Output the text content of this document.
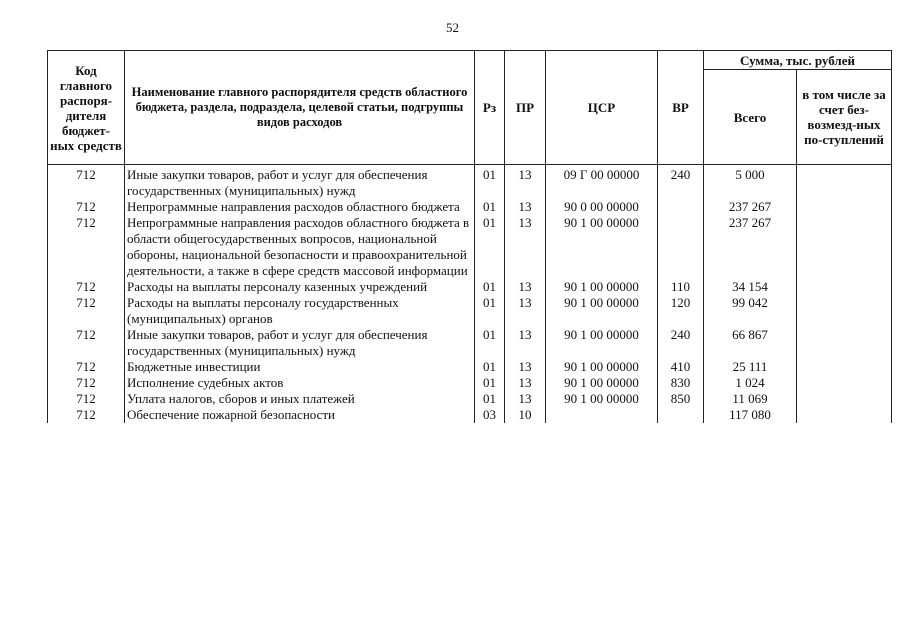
52
Код главного распоря-дителя бюджет-ных средств	Наименование главного распорядителя средств областного бюджета, раздела, подраздела, целевой статьи, подгруппы видов расходов	Рз	ПР	ЦСР	ВР	Сумма, тыс. рублей	
						Всего	в том числе за счет без-возмезд-ных по-ступлений
712	Иные закупки товаров, работ и услуг для обеспечения государственных (муниципальных) нужд	01	13	09 Г 00 00000	240	5 000	
712	Непрограммные направления расходов областного бюджета	01	13	90 0 00 00000		237 267	
712	Непрограммные направления расходов областного бюджета в области общегосударственных вопросов, национальной обороны, национальной безопасности и правоохранительной деятельности, а также в сфере средств массовой информации	01	13	90 1 00 00000		237 267	
712	Расходы на выплаты персоналу казенных учреждений	01	13	90 1 00 00000	110	34 154	
712	Расходы на выплаты персоналу государственных (муниципальных) органов	01	13	90 1 00 00000	120	99 042	
712	Иные закупки товаров, работ и услуг для обеспечения государственных (муниципальных) нужд	01	13	90 1 00 00000	240	66 867	
712	Бюджетные инвестиции	01	13	90 1 00 00000	410	25 111	
712	Исполнение судебных актов	01	13	90 1 00 00000	830	1 024	
712	Уплата налогов, сборов и иных платежей	01	13	90 1 00 00000	850	11 069	
712	Обеспечение пожарной безопасности	03	10			117 080	
